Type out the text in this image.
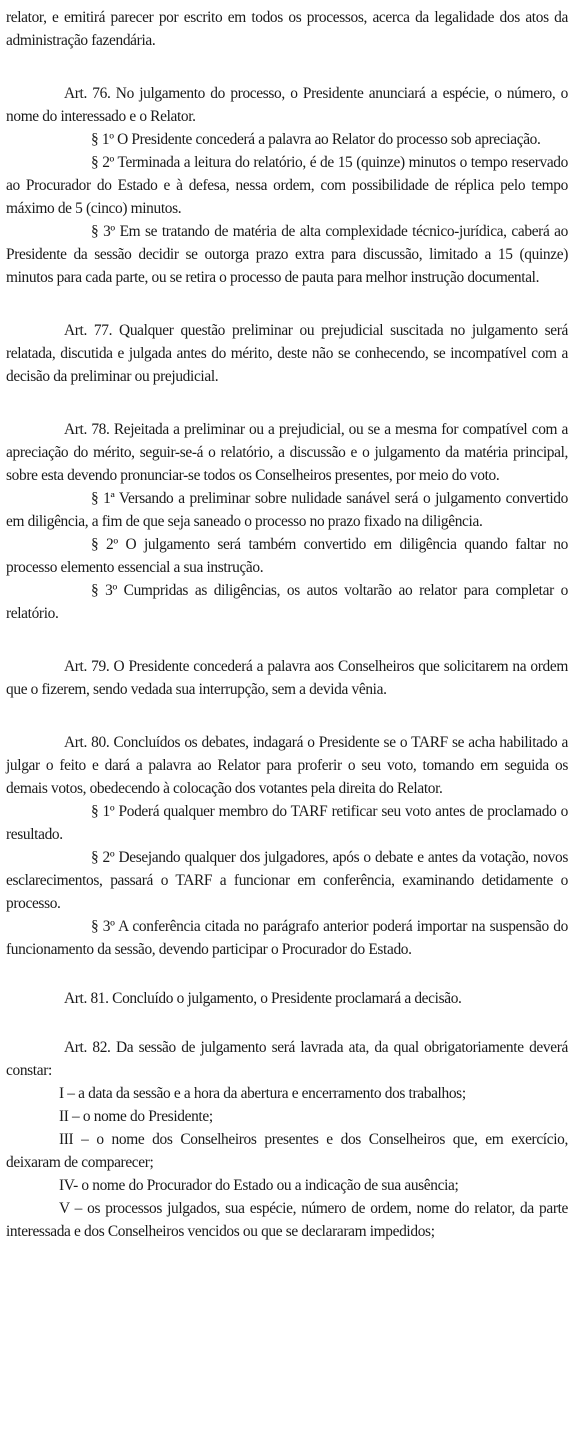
relator, e emitirá parecer por escrito em todos os processos, acerca da legalidade dos atos da administração fazendária.

Art. 76. No julgamento do processo, o Presidente anunciará a espécie, o número, o nome do interessado e o Relator.

§ 1º O Presidente concederá a palavra ao Relator do processo sob apreciação.

§ 2º Terminada a leitura do relatório, é de 15 (quinze) minutos o tempo reservado ao Procurador do Estado e à defesa, nessa ordem, com possibilidade de réplica pelo tempo máximo de 5 (cinco) minutos.

§ 3º Em se tratando de matéria de alta complexidade técnico-jurídica, caberá ao Presidente da sessão decidir se outorga prazo extra para discussão, limitado a 15 (quinze) minutos para cada parte, ou se retira o processo de pauta para melhor instrução documental.

Art. 77. Qualquer questão preliminar ou prejudicial suscitada no julgamento será relatada, discutida e julgada antes do mérito, deste não se conhecendo, se incompatível com a decisão da preliminar ou prejudicial.

Art. 78. Rejeitada a preliminar ou a prejudicial, ou se a mesma for compatível com a apreciação do mérito, seguir-se-á o relatório, a discussão e o julgamento da matéria principal, sobre esta devendo pronunciar-se todos os Conselheiros presentes, por meio do voto.

§ 1ª Versando a preliminar sobre nulidade sanável será o julgamento convertido em diligência, a fim de que seja saneado o processo no prazo fixado na diligência.

§ 2º O julgamento será também convertido em diligência quando faltar no processo elemento essencial a sua instrução.

§ 3º Cumpridas as diligências, os autos voltarão ao relator para completar o relatório.

Art. 79. O Presidente concederá a palavra aos Conselheiros que solicitarem na ordem que o fizerem, sendo vedada sua interrupção, sem a devida vênia.

Art. 80. Concluídos os debates, indagará o Presidente se o TARF se acha habilitado a julgar o feito e dará a palavra ao Relator para proferir o seu voto, tomando em seguida os demais votos, obedecendo à colocação dos votantes pela direita do Relator.

§ 1º Poderá qualquer membro do TARF retificar seu voto antes de proclamado o resultado.

§ 2º Desejando qualquer dos julgadores, após o debate e antes da votação, novos esclarecimentos, passará o TARF a funcionar em conferência, examinando detidamente o processo.

§ 3º A conferência citada no parágrafo anterior poderá importar na suspensão do funcionamento da sessão, devendo participar o Procurador do Estado.

Art. 81. Concluído o julgamento, o Presidente proclamará a decisão.

Art. 82. Da sessão de julgamento será lavrada ata, da qual obrigatoriamente deverá constar:

I – a data da sessão e a hora da abertura e encerramento dos trabalhos;

II – o nome do Presidente;

III – o nome dos Conselheiros presentes e dos Conselheiros que, em exercício, deixaram de comparecer;

IV- o nome do Procurador do Estado ou a indicação de sua ausência;

V – os processos julgados, sua espécie, número de ordem, nome do relator, da parte interessada e dos Conselheiros vencidos ou que se declararam impedidos;
